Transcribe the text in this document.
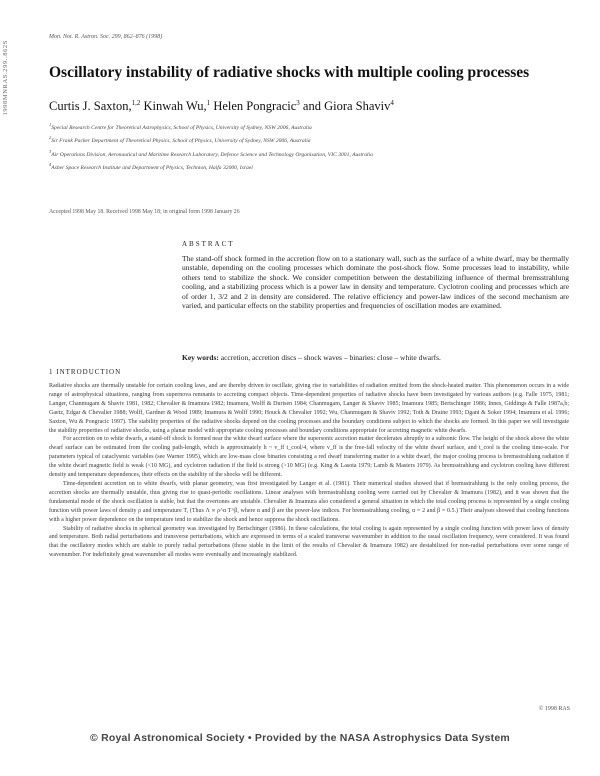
1998MNRAS.299..862S
Mon. Not. R. Astron. Soc. 299, 862–876 (1998)
Oscillatory instability of radiative shocks with multiple cooling processes
Curtis J. Saxton,$^{1,2}$ Kinwah Wu,$^1$ Helen Pongracic$^3$ and Giora Shaviv$^4$
$^1$Special Research Centre for Theoretical Astrophysics, School of Physics, University of Sydney, NSW 2006, Australia
$^2$Sir Frank Packer Department of Theoretical Physics, School of Physics, University of Sydney, NSW 2006, Australia
$^3$Air Operations Division, Aeronautical and Maritime Research Laboratory, Defence Science and Technology Organisation, VIC 3001, Australia
$^4$Asher Space Research Institute and Department of Physics, Technion, Haifa 32000, Israel
Accepted 1998 May 18. Received 1998 May 18; in original form 1998 January 26
ABSTRACT
The stand-off shock formed in the accretion flow on to a stationary wall, such as the surface of a white dwarf, may be thermally unstable, depending on the cooling processes which dominate the post-shock flow. Some processes lead to instability, while others tend to stabilize the shock. We consider competition between the destabilizing influence of thermal bremsstrahlung cooling, and a stabilizing process which is a power law in density and temperature. Cyclotron cooling and processes which are of order 1, 3/2 and 2 in density are considered. The relative efficiency and power-law indices of the second mechanism are varied, and particular effects on the stability properties and frequencies of oscillation modes are examined.
Key words: accretion, accretion discs – shock waves – binaries: close – white dwarfs.
1 INTRODUCTION

Radiative shocks are thermally unstable for certain cooling laws, and are thereby driven to oscillate, giving rise to variabilities of radiation emitted from the shock-heated matter. This phenomenon occurs in a wide range of astrophysical situations, ranging from supernova remnants to accreting compact objects. Time-dependent properties of radiative shocks have been investigated by various authors (e.g. Falle 1975, 1981; Langer, Chanmugam & Shaviv 1981, 1982; Chevalier & Imamura 1982; Imamura, Wolff & Durisen 1984; Chanmugam, Langer & Shaviv 1985; Imamura 1985; Bertschinger 1986; Innes, Giddings & Falle 1987a,b; Gaetz, Edgar & Chevalier 1988; Wolff, Gardner & Wood 1989; Imamura & Wolff 1990; Houck & Chevalier 1992; Wu, Chanmugam & Shaviv 1992; Toth & Draine 1993; Dgani & Soker 1994; Imamura et al. 1996; Saxton, Wu & Pongracic 1997). The stability properties of the radiative shocks depend on the cooling processes and the boundary conditions subject to which the shocks are formed. In this paper we will investigate the stability properties of radiative shocks, using a planar model with appropriate cooling processes and boundary conditions appropriate for accreting magnetic white dwarfs.

For accretion on to white dwarfs, a stand-off shock is formed near the white dwarf surface where the supersonic accretion matter decelerates abruptly to a subsonic flow. The height of the shock above the white dwarf surface can be estimated from the cooling path-length, which is approximately h ~ v_ff t_cool/4, where v_ff is the free-fall velocity of the white dwarf surface, and t_cool is the cooling time-scale. For parameters typical of cataclysmic variables (see Warner 1995), which are low-mass close binaries consisting a red dwarf transferring matter to a white dwarf, the major cooling process is bremsstrahlung radiation if the white dwarf magnetic field is weak (<10 MG), and cyclotron radiation if the field is strong (>10 MG) (e.g. King & Lasota 1979; Lamb & Masters 1979). As bremsstrahlung and cyclotron cooling have different density and temperature dependences, their effects on the stability of the shocks will be different.

Time-dependent accretion on to white dwarfs, with planar geometry, was first investigated by Langer et al. (1981). Their numerical studies showed that if bremsstrahlung is the only cooling process, the accretion shocks are thermally unstable, thus giving rise to quasi-periodic oscillations. Linear analyses with bremsstrahlung cooling were carried out by Chevalier & Imamura (1982), and it was shown that the fundamental mode of the shock oscillation is stable, but that the overtones are unstable. Chevalier & Imamura also considered a general situation in which the total cooling process is represented by a single cooling function with power laws of density ρ and temperature T, (Thus Λ ∝ ρ^α T^β, where α and β are the power-law indices. For bremsstrahlung cooling, α = 2 and β = 0.5.) Their analyses showed that cooling functions with a higher power dependence on the temperature tend to stabilize the shock and hence suppress the shock oscillations.

Stability of radiative shocks in spherical geometry was investigated by Bertschinger (1986). In these calculations, the total cooling is again represented by a single cooling function with power laws of density and temperature. Both radial perturbations and transverse perturbations, which are expressed in terms of a scaled transverse wavenumber in addition to the usual oscillation frequency, were considered. It was found that the oscillatory modes which are stable to purely radial perturbations (those stable in the limit of the results of Chevalier & Imamura 1982) are destabilized for non-radial perturbations over some range of wavenumber. For indefinitely great wavenumber all modes were eventually and increasingly stabilized.

© 1998 RAS
© Royal Astronomical Society • Provided by the NASA Astrophysics Data System
